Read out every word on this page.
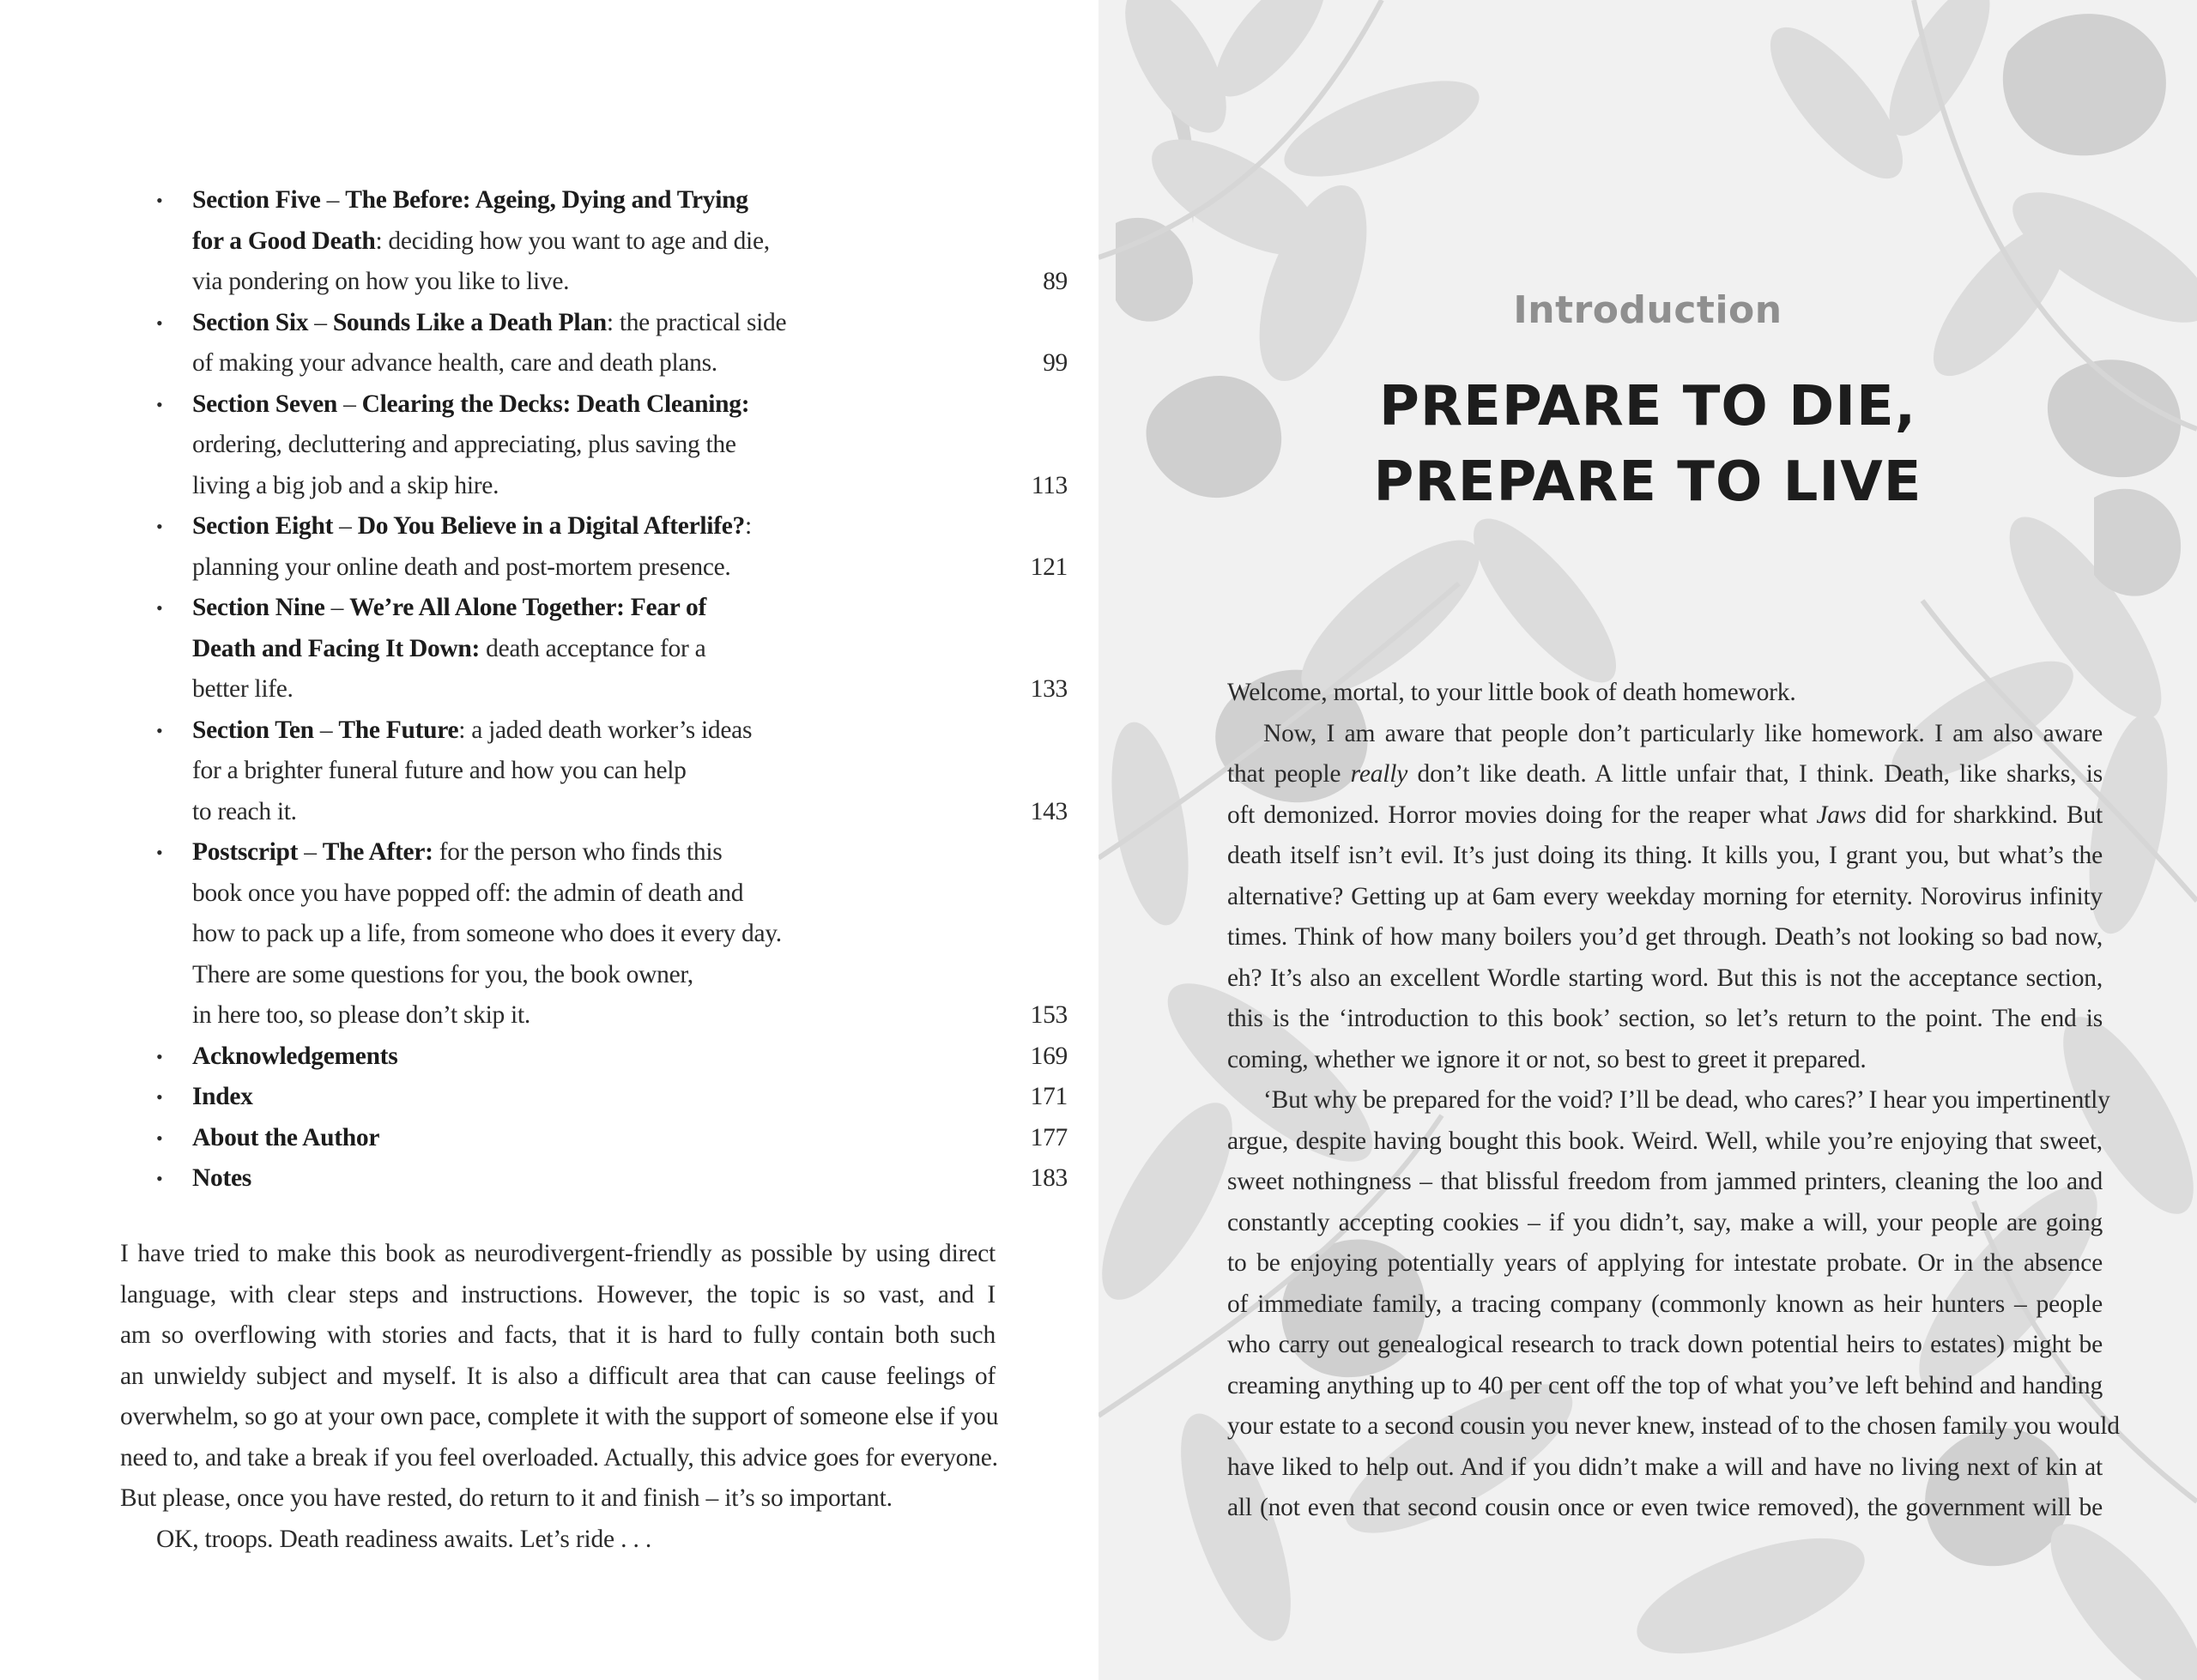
• Section Five – The Before: Ageing, Dying and Trying
for a Good Death: deciding how you want to age and die,
via pondering on how you like to live.	89
• Section Six – Sounds Like a Death Plan: the practical side
of making your advance health, care and death plans.	99
• Section Seven – Clearing the Decks: Death Cleaning:
ordering, decluttering and appreciating, plus saving the
living a big job and a skip hire.	113
• Section Eight – Do You Believe in a Digital Afterlife?:
planning your online death and post-mortem presence.	121
• Section Nine – We’re All Alone Together: Fear of
Death and Facing It Down: death acceptance for a
better life.	133
• Section Ten – The Future: a jaded death worker’s ideas
for a brighter funeral future and how you can help
to reach it.	143
• Postscript – The After: for the person who finds this
book once you have popped off: the admin of death and
how to pack up a life, from someone who does it every day.
There are some questions for you, the book owner,
in here too, so please don’t skip it.	153
• Acknowledgements	169
• Index	171
• About the Author	177
• Notes	183

I have tried to make this book as neurodivergent-friendly as possible by using direct
language, with clear steps and instructions. However, the topic is so vast, and I
am so overflowing with stories and facts, that it is hard to fully contain both such
an unwieldy subject and myself. It is also a difficult area that can cause feelings of
overwhelm, so go at your own pace, complete it with the support of someone else if you
need to, and take a break if you feel overloaded. Actually, this advice goes for everyone.
But please, once you have rested, do return to it and finish – it’s so important.

OK, troops. Death readiness awaits. Let’s ride . . .

Introduction
PREPARE TO DIE,
PREPARE TO LIVE
Welcome, mortal, to your little book of death homework.
Now, I am aware that people don’t particularly like homework. I am also aware
that people really don’t like death. A little unfair that, I think. Death, like sharks, is
oft demonized. Horror movies doing for the reaper what Jaws did for sharkkind. But
death itself isn’t evil. It’s just doing its thing. It kills you, I grant you, but what’s the
alternative? Getting up at 6am every weekday morning for eternity. Norovirus infinity
times. Think of how many boilers you’d get through. Death’s not looking so bad now,
eh? It’s also an excellent Wordle starting word. But this is not the acceptance section,
this is the ‘introduction to this book’ section, so let’s return to the point. The end is
coming, whether we ignore it or not, so best to greet it prepared.
‘But why be prepared for the void? I’ll be dead, who cares?’ I hear you impertinently
argue, despite having bought this book. Weird. Well, while you’re enjoying that sweet,
sweet nothingness – that blissful freedom from jammed printers, cleaning the loo and
constantly accepting cookies – if you didn’t, say, make a will, your people are going
to be enjoying potentially years of applying for intestate probate. Or in the absence
of immediate family, a tracing company (commonly known as heir hunters – people
who carry out genealogical research to track down potential heirs to estates) might be
creaming anything up to 40 per cent off the top of what you’ve left behind and handing
your estate to a second cousin you never knew, instead of to the chosen family you would
have liked to help out. And if you didn’t make a will and have no living next of kin at
all (not even that second cousin once or even twice removed), the government will be
